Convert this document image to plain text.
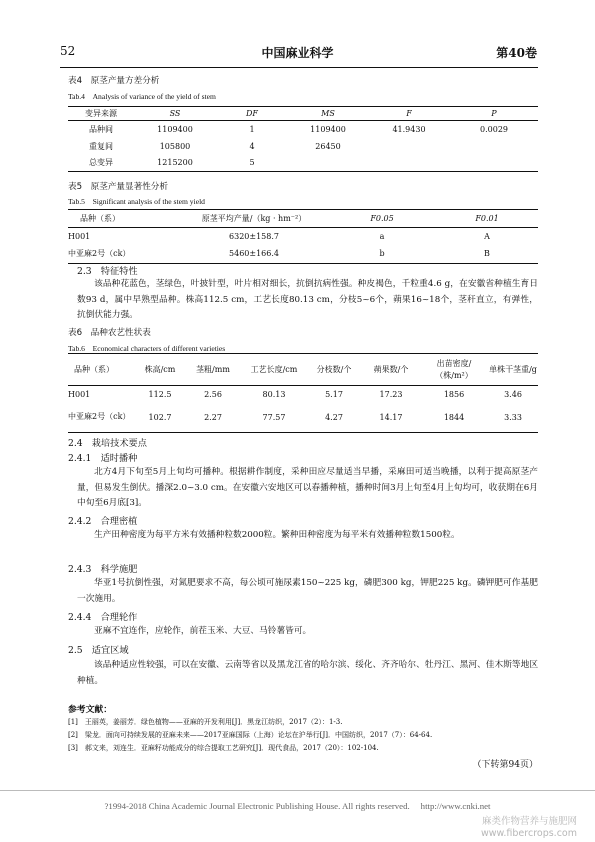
52	中国麻业科学	第40卷
表4　原茎产量方差分析
Tab.4　Analysis of variance of the yield of stem
变异来源	SS	DF	MS	F	P
品种间	1109400	1	1109400	41.9430	0.0029
重复间	105800	4	26450		
总变异	1215200	5			
表5　原茎产量显著性分析
Tab.5　Significant analysis of the stem yield
品种（系）	原茎平均产量/（kg · hm⁻²）	F0.05	F0.01
H001	6320±158.7	a	A
中亚麻2号（ck）	5460±166.4	b	B
2.3　特征特性
该品种花蓝色，茎绿色，叶披针型，叶片相对细长，抗倒抗病性强。种皮褐色，千粒重4.6 g，在安徽省种植生育日数93 d，属中早熟型品种。株高112.5 cm，工艺长度80.13 cm，分枝5~6个，蒴果16~18个，茎秆直立，有弹性，抗倒伏能力强。
表6　品种农艺性状表
Tab.6　Economical characters of different varieties
品种（系）	株高/cm	茎粗/mm	工艺长度/cm	分枝数/个	蒴果数/个	出苗密度/（株/m²）	单株干茎重/g
H001	112.5	2.56	80.13	5.17	17.23	1856	3.46
中亚麻2号（ck）	102.7	2.27	77.57	4.27	14.17	1844	3.33
2.4　栽培技术要点
2.4.1　适时播种
北方4月下旬至5月上旬均可播种。根据耕作制度，采种田应尽量适当早播，采麻田可适当晚播，以利于提高原茎产量，但易发生倒伏。播深2.0~3.0 cm。在安徽六安地区可以春播种植，播种时间3月上旬至4月上旬均可，收获期在6月中旬至6月底[3]。
2.4.2　合理密植
生产田种密度为每平方米有效播种粒数2000粒。繁种田种密度为每平米有效播种粒数1500粒。
2.4.3　科学施肥
华亚1号抗倒性强，对氮肥要求不高，每公顷可施尿素150~225 kg，磷肥300 kg，钾肥225 kg。磷钾肥可作基肥一次施用。
2.4.4　合理轮作
亚麻不宜连作，应轮作，前茬玉米、大豆、马铃薯皆可。
2.5　适宜区域
该品种适应性较强，可以在安徽、云南等省以及黑龙江省的哈尔滨、绥化、齐齐哈尔、牡丹江、黑河、佳木斯等地区种植。
参考文献：
[1]　王丽英，姜丽芳．绿色植物——亚麻的开发利用[J]．黑龙江纺织，2017（2）：1-3.
[2]　梁龙．面向可持续发展的亚麻未来——2017亚麻国际（上海）论坛在沪举行[J]．中国纺织，2017（7）：64-64.
[3]　郝文来，刘连生．亚麻籽功能成分的综合提取工艺研究[J]．现代食品，2017（20）：102-104.
（下转第94页）
?1994-2018 China Academic Journal Electronic Publishing House. All rights reserved.　 http://www.cnki.net
麻类作物营养与施肥网
www.fibercrops.com
